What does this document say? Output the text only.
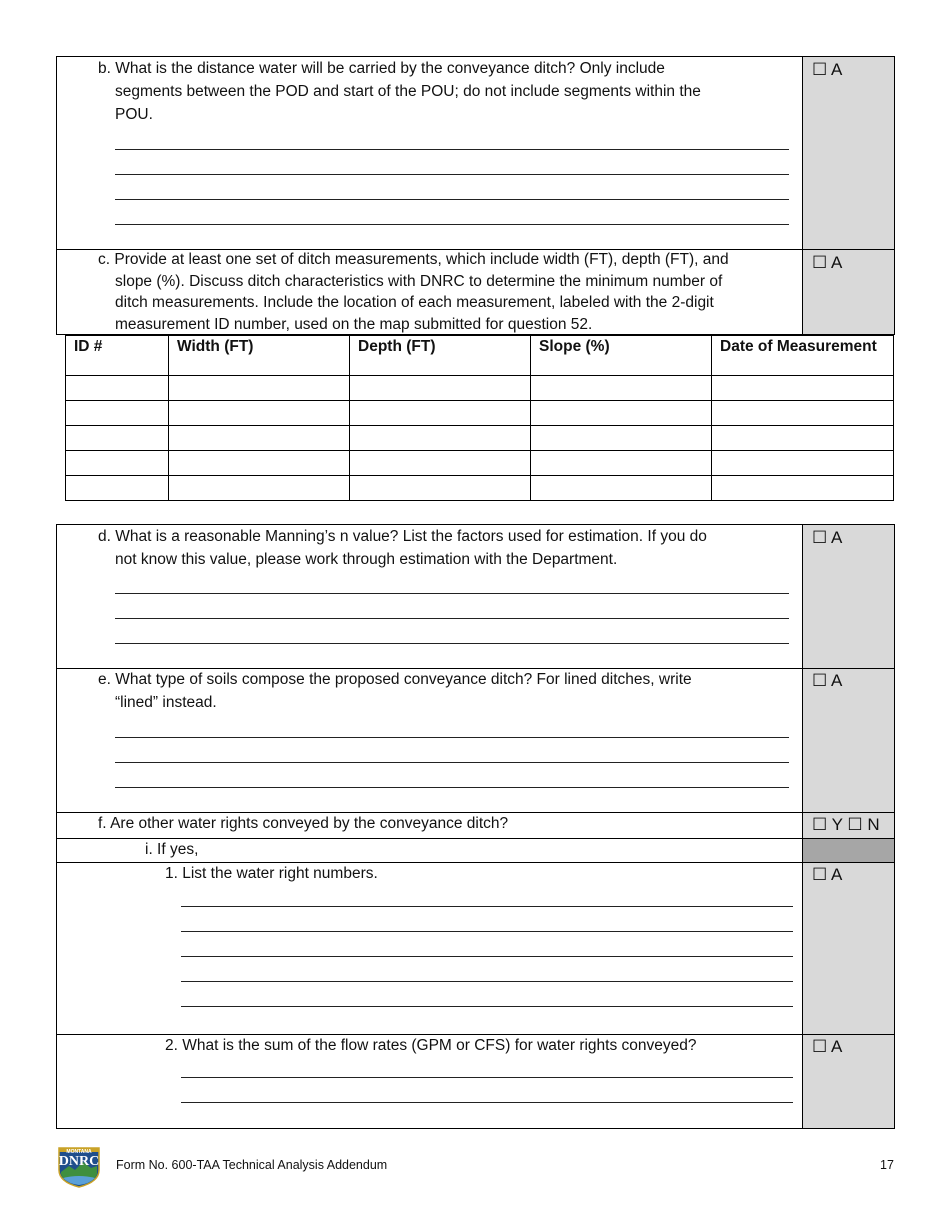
b. What is the distance water will be carried by the conveyance ditch? Only include
segments between the POD and start of the POU; do not include segments within the
POU.
☐ A
c. Provide at least one set of ditch measurements, which include width (FT), depth (FT), and
slope (%). Discuss ditch characteristics with DNRC to determine the minimum number of
ditch measurements. Include the location of each measurement, labeled with the 2-digit
measurement ID number, used on the map submitted for question 52.
☐ A
ID #	Width (FT)	Depth (FT)	Slope (%)	Date of Measurement

d. What is a reasonable Manning’s n value? List the factors used for estimation. If you do
not know this value, please work through estimation with the Department.
☐ A
e. What type of soils compose the proposed conveyance ditch? For lined ditches, write
“lined” instead.
☐ A
f. Are other water rights conveyed by the conveyance ditch?	☐ Y ☐ N
i. If yes,
1. List the water right numbers.	☐ A
2. What is the sum of the flow rates (GPM or CFS) for water rights conveyed?	☐ A
MONTANA
DNRC	Form No. 600-TAA Technical Analysis Addendum	17
